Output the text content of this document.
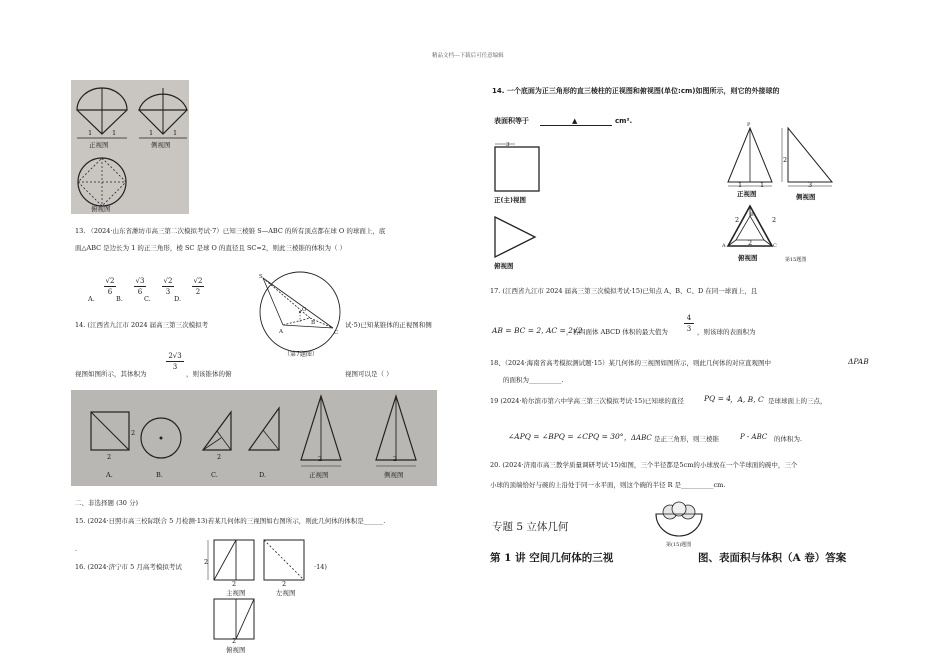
精品文档---下载后可任意编辑
正视图	侧视图
俯视图
1	1	1	1
13. （2024·山东省潍坊市高三第二次模拟考试·7）已知三棱锥 S—ABC 的所有顶点都在球 O 的球面上，底
面△ABC 是边长为 1 的正三角形，棱 SC 是球 O 的直径且 SC=2，则此三棱锥的体积为（ ）
√2
6
A.
√3
6
B.
√2
3
C.
√2
2
D.
S
O
A
B
C
（第7题图）
14. (江西省九江市 2024 届高三第三次模拟考	试·5)已知某锥体的正视图和侧
视图如图所示，其体积为
2√3
3
，则该锥体的俯	视图可以是（ ）
A.	B.	C.	D.	正视图	侧视图
2
2
2	2	2
二、非选择题 (30 分)
15. (2024·日照市高三校际联合 5 月检测·13)若某几何体的三视图如右图所示，则此几何体的体积是______.
.
16. (2024·济宁市 5 月高考模拟考试	·14)
主视图	左视图
俯视图
2
2	2
2
14. 一个底面为正三角形的直三棱柱的正视图和俯视图(单位:cm)如图所示，则它的外接球的
表面积等于	▲	cm².
3
正(主)视图
俯视图
P
A
B
C
2
1	1	3
2	2
2
正视图	侧视图
俯视图	第15题图
17. (江西省九江市 2024 届高三第三次模拟考试·15)已知点 A、B、C、D 在同一球面上，且
AB = BC = 2, AC = 2√2
，若四面体 ABCD 体积的最大值为
4
3 ，则该球的表面积为
18、（2024·海南省高考模拟测试题·15）某几何体的三视图如图所示，则此几何体的对应直观图中	ΔPAB
的面积为__________.
19 (2024·哈尔滨市第六中学高三第三次模拟考试·15)已知球的直径	PQ = 4
，A, B, C 是球球面上的三点，
∠APQ = ∠BPQ = ∠CPQ = 30° ，ΔABC 是正三角形，则三棱锥	P - ABC 的体积为.
20. (2024·济南市高三教学质量调研考试·15)如图，三个半径都是5cm的小球放在一个半球面的碗中，三个
小球的顶端恰好与碗的上沿处于同一水平面，则这个碗的半径 R 是__________cm.
第(15)题图
专题 5 立体几何
第 1 讲 空间几何体的三视	图、表面积与体积（A 卷）答案
